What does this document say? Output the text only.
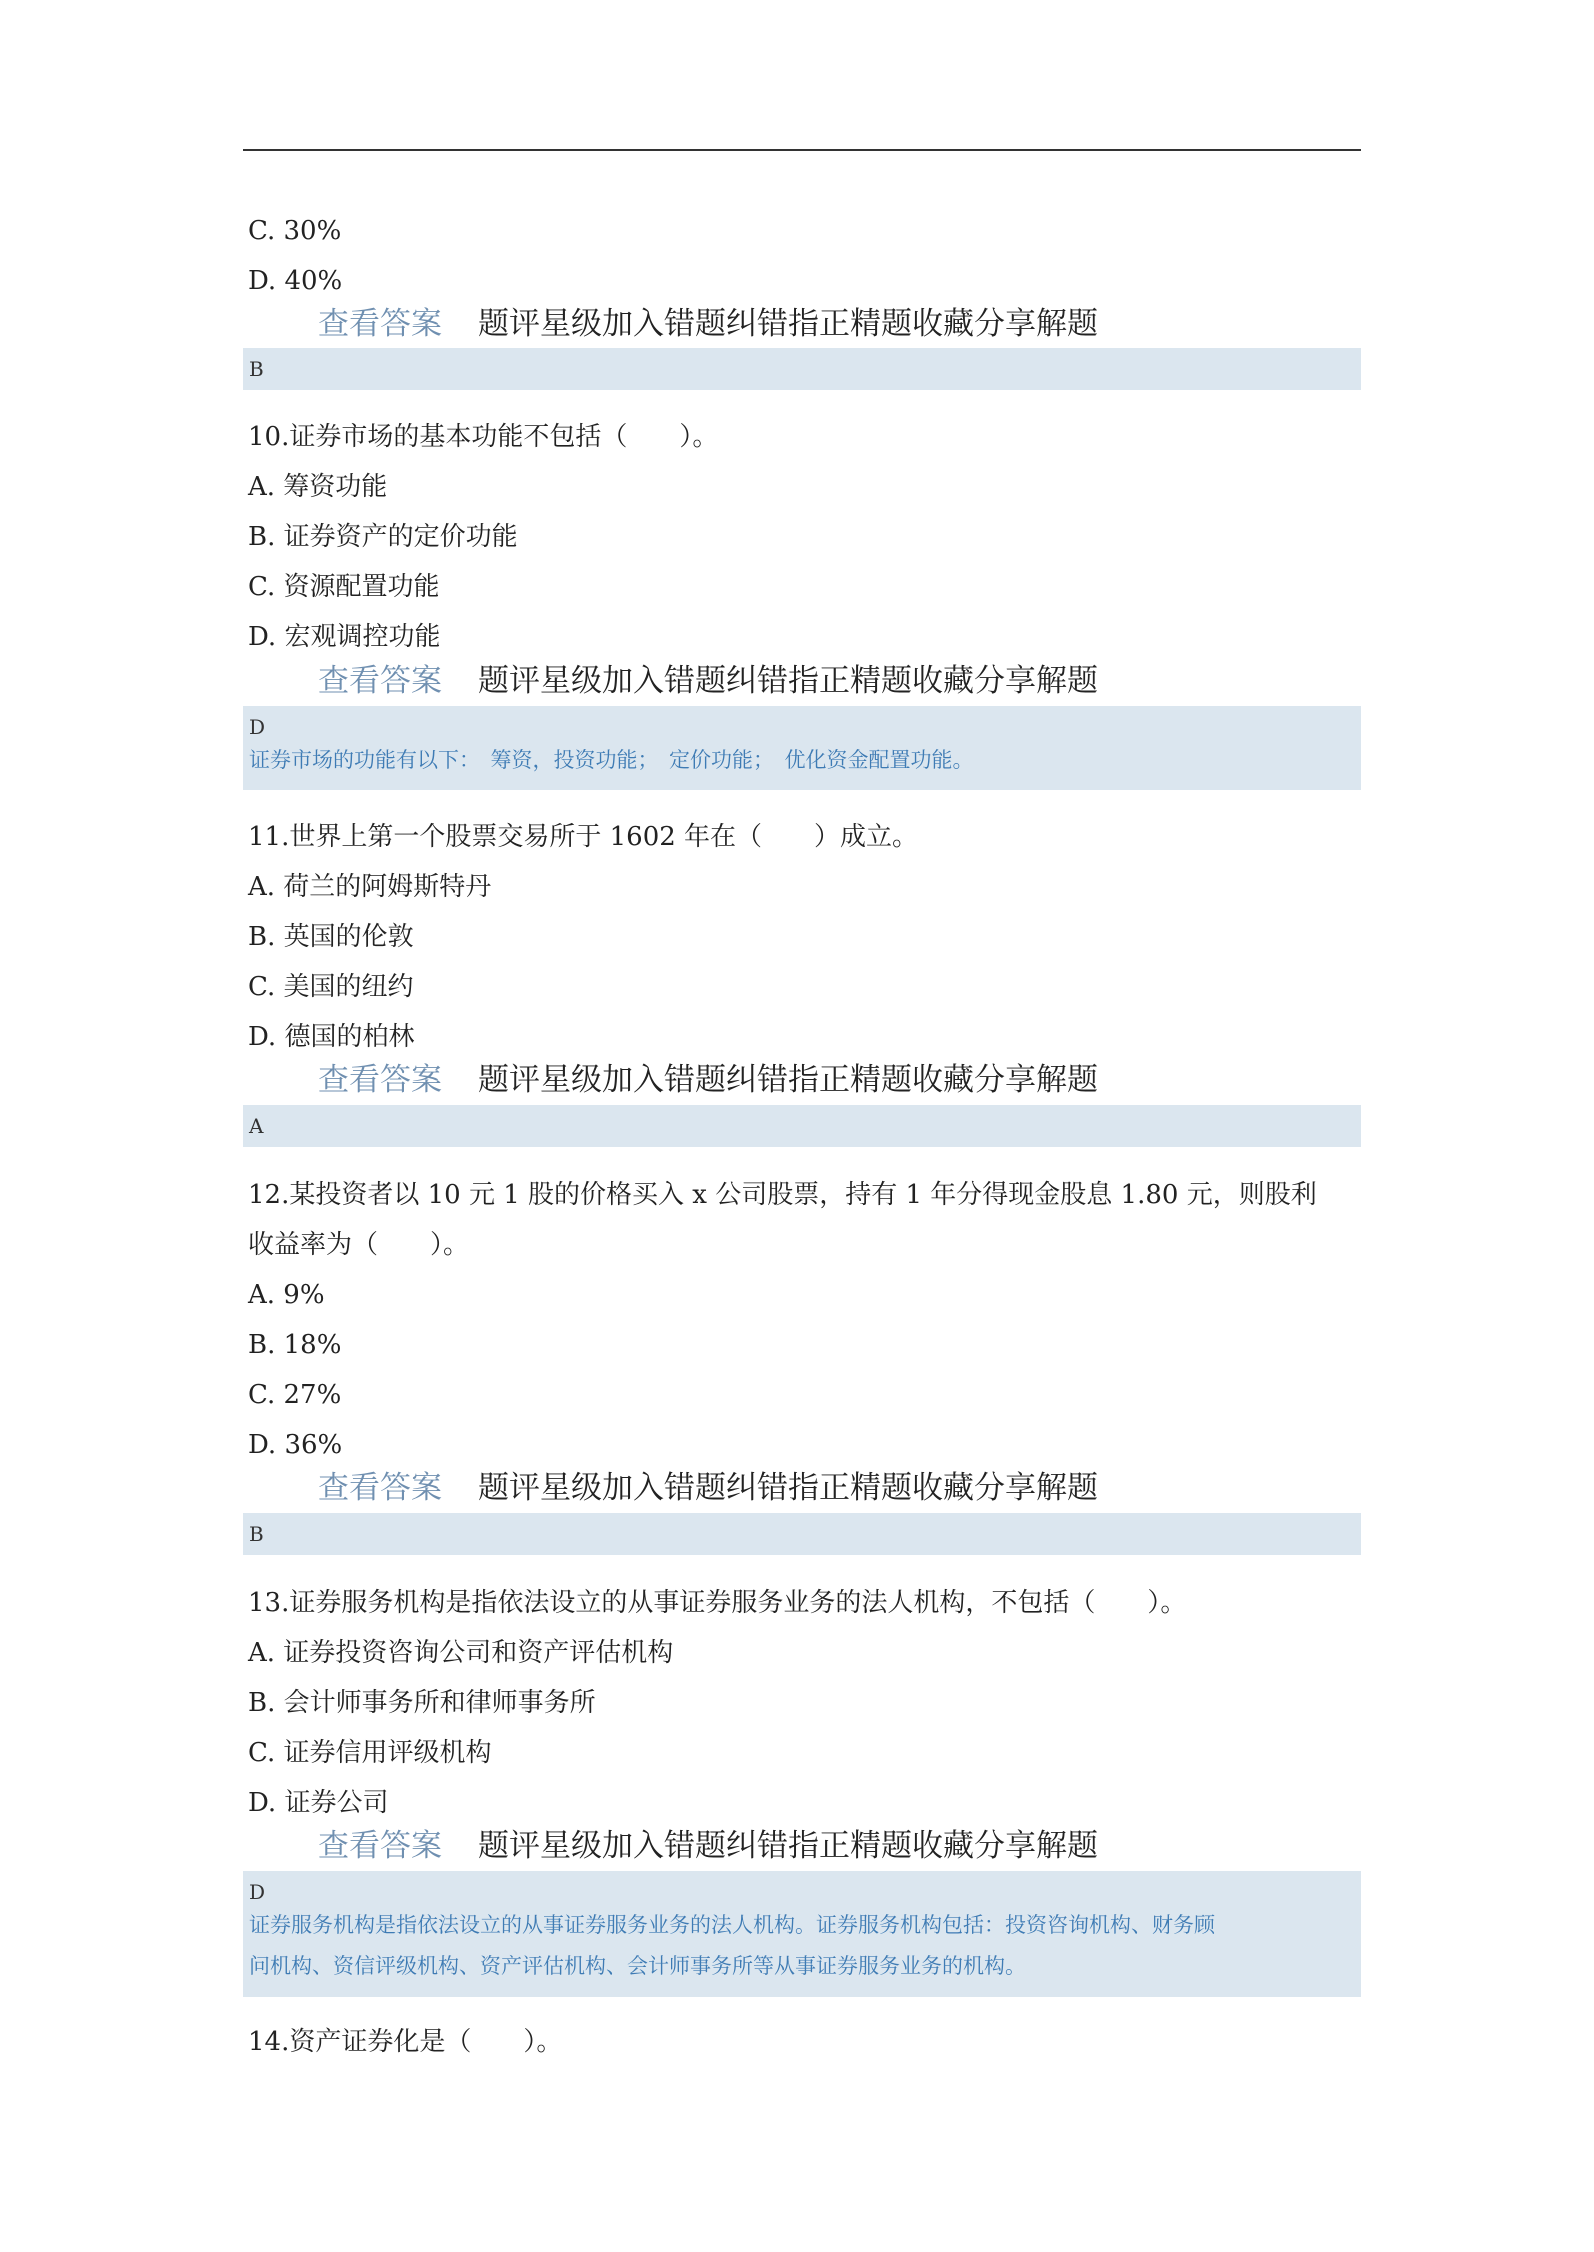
C. 30%
D. 40%
查看答案 题评星级加入错题纠错指正精题收藏分享解题
B
10.证券市场的基本功能不包括（　　）。
A. 筹资功能
B. 证券资产的定价功能
C. 资源配置功能
D. 宏观调控功能
查看答案 题评星级加入错题纠错指正精题收藏分享解题
D
证券市场的功能有以下：　筹资，投资功能；　定价功能；　优化资金配置功能。
11.世界上第一个股票交易所于 1602 年在（　　）成立。
A. 荷兰的阿姆斯特丹
B. 英国的伦敦
C. 美国的纽约
D. 德国的柏林
查看答案 题评星级加入错题纠错指正精题收藏分享解题
A
12.某投资者以 10 元 1 股的价格买入 x 公司股票，持有 1 年分得现金股息 1.80 元，则股利
收益率为（　　）。
A. 9%
B. 18%
C. 27%
D. 36%
查看答案 题评星级加入错题纠错指正精题收藏分享解题
B
13.证券服务机构是指依法设立的从事证券服务业务的法人机构，不包括（　　）。
A. 证券投资咨询公司和资产评估机构
B. 会计师事务所和律师事务所
C. 证券信用评级机构
D. 证券公司
查看答案 题评星级加入错题纠错指正精题收藏分享解题
D
证券服务机构是指依法设立的从事证券服务业务的法人机构。证券服务机构包括：投资咨询机构、财务顾
问机构、资信评级机构、资产评估机构、会计师事务所等从事证券服务业务的机构。
14.资产证券化是（　　）。
